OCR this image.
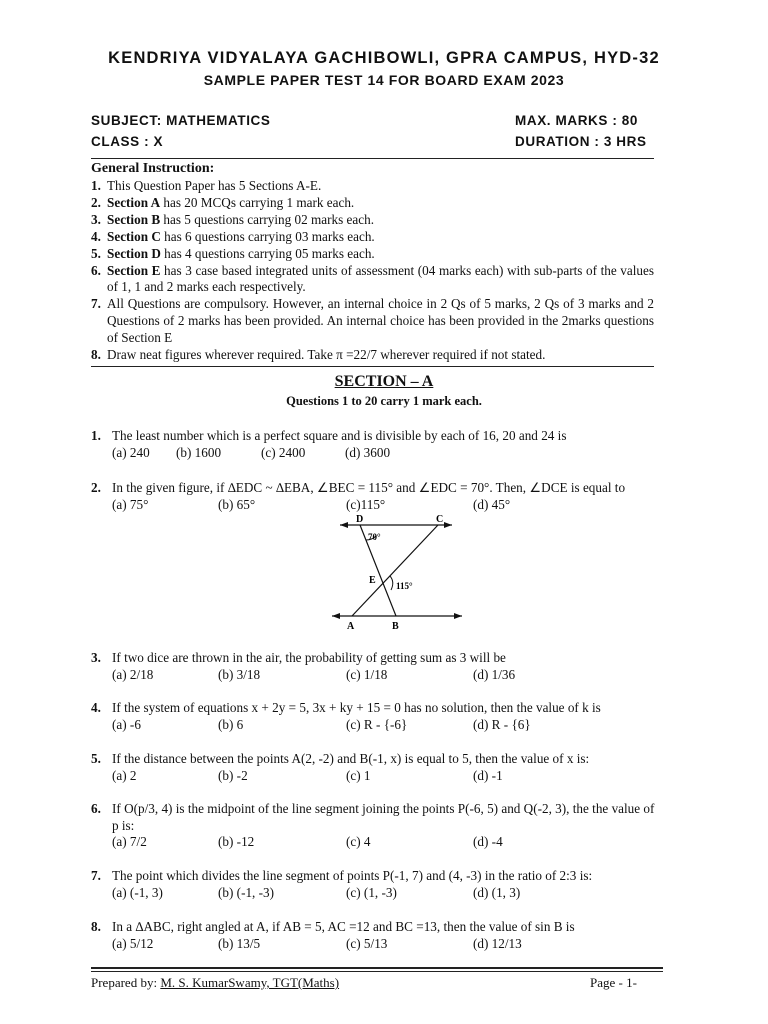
KENDRIYA VIDYALAYA GACHIBOWLI, GPRA CAMPUS, HYD-32
SAMPLE PAPER TEST 14 FOR BOARD EXAM 2023
SUBJECT: MATHEMATICS	MAX. MARKS : 80
CLASS : X	DURATION : 3 HRS
General Instruction:
1. This Question Paper has 5 Sections A-E.
2. Section A has 20 MCQs carrying 1 mark each.
3. Section B has 5 questions carrying 02 marks each.
4. Section C has 6 questions carrying 03 marks each.
5. Section D has 4 questions carrying 05 marks each.
6. Section E has 3 case based integrated units of assessment (04 marks each) with sub-parts of the values of 1, 1 and 2 marks each respectively.
7. All Questions are compulsory. However, an internal choice in 2 Qs of 5 marks, 2 Qs of 3 marks and 2 Questions of 2 marks has been provided. An internal choice has been provided in the 2marks questions of Section E
8. Draw neat figures wherever required. Take π =22/7 wherever required if not stated.
SECTION – A
Questions 1 to 20 carry 1 mark each.
1. The least number which is a perfect square and is divisible by each of 16, 20 and 24 is
(a) 240 (b) 1600	(c) 2400	(d) 3600
2. In the given figure, if ∆EDC ~ ∆EBA, ∠BEC = 115° and ∠EDC = 70°. Then, ∠DCE is equal to
(a) 75°	(b) 65°	(c)115°	(d) 45°
D	C
70°
E 115°
A	B
3. If two dice are thrown in the air, the probability of getting sum as 3 will be
(a) 2/18	(b) 3/18	(c) 1/18	(d) 1/36
4. If the system of equations x + 2y = 5, 3x + ky + 15 = 0 has no solution, then the value of k is
(a) -6	(b) 6	(c) R - {-6}	(d) R - {6}
5. If the distance between the points A(2, -2) and B(-1, x) is equal to 5, then the value of x is:
(a) 2	(b) -2	(c) 1	(d) -1
6. If O(p/3, 4) is the midpoint of the line segment joining the points P(-6, 5) and Q(-2, 3), the the value of p is:
(a) 7/2	(b) -12	(c) 4	(d) -4
7. The point which divides the line segment of points P(-1, 7) and (4, -3) in the ratio of 2:3 is:
(a) (-1, 3)	(b) (-1, -3)	(c) (1, -3)	(d) (1, 3)
8. In a ∆ABC, right angled at A, if AB = 5, AC =12 and BC =13, then the value of sin B is
(a) 5/12	(b) 13/5	(c) 5/13	(d) 12/13
Prepared by: M. S. KumarSwamy, TGT(Maths)	Page - 1-
